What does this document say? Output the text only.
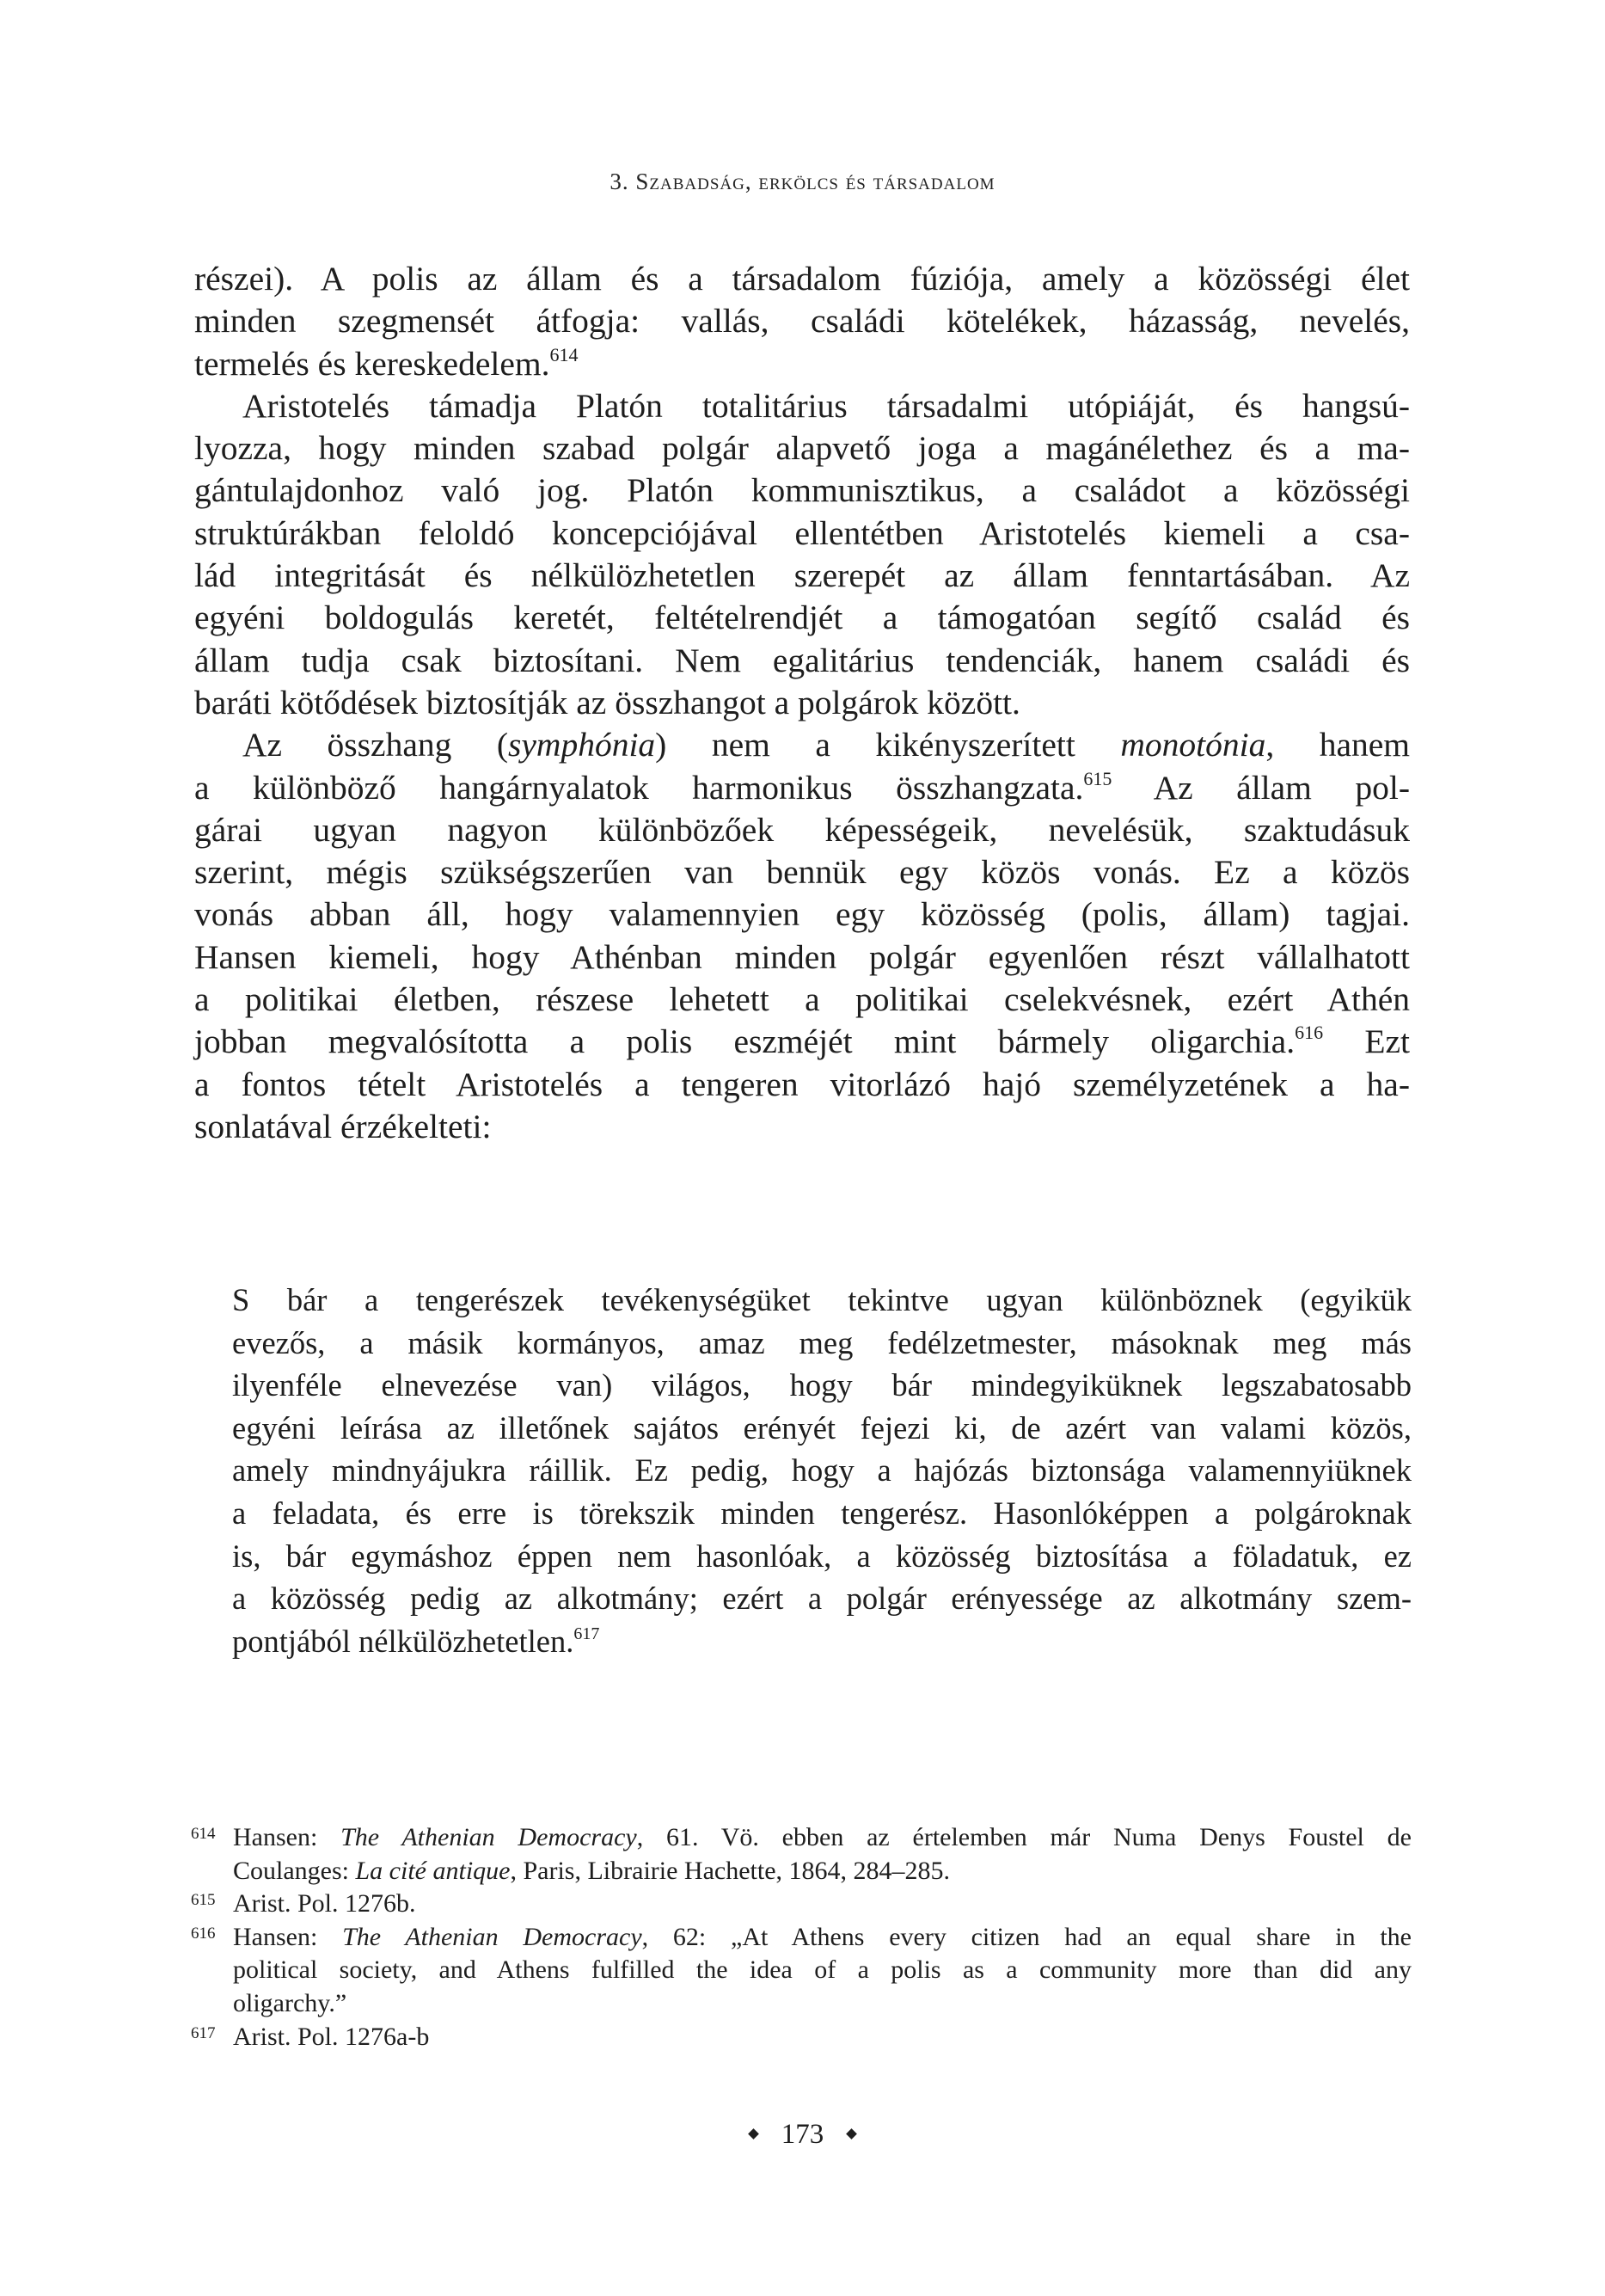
3. Szabadság, erkölcs és társadalom
részei). A polis az állam és a társadalom fúziója, amely a közösségi élet
minden szegmensét átfogja: vallás, családi kötelékek, házasság, nevelés,
termelés és kereskedelem.$^{614}$
Aristotelés támadja Platón totalitárius társadalmi utópiáját, és hangsú-
lyozza, hogy minden szabad polgár alapvető joga a magánélethez és a ma-
gántulajdonhoz való jog. Platón kommunisztikus, a családot a közösségi
struktúrákban feloldó koncepciójával ellentétben Aristotelés kiemeli a csa-
lád integritását és nélkülözhetetlen szerepét az állam fenntartásában. Az
egyéni boldogulás keretét, feltételrendjét a támogatóan segítő család és
állam tudja csak biztosítani. Nem egalitárius tendenciák, hanem családi és
baráti kötődések biztosítják az összhangot a polgárok között.
Az összhang (symphónia) nem a kikényszerített monotónia, hanem
a különböző hangárnyalatok harmonikus összhangzata.$^{615}$ Az állam pol-
gárai ugyan nagyon különbözőek képességeik, nevelésük, szaktudásuk
szerint, mégis szükségszerűen van bennük egy közös vonás. Ez a közös
vonás abban áll, hogy valamennyien egy közösség (polis, állam) tagjai.
Hansen kiemeli, hogy Athénban minden polgár egyenlően részt vállalhatott
a politikai életben, részese lehetett a politikai cselekvésnek, ezért Athén
jobban megvalósította a polis eszméjét mint bármely oligarchia.$^{616}$ Ezt
a fontos tételt Aristotelés a tengeren vitorlázó hajó személyzetének a ha-
sonlatával érzékelteti:
S bár a tengerészek tevékenységüket tekintve ugyan különböznek (egyikük
evezős, a másik kormányos, amaz meg fedélzetmester, másoknak meg más
ilyenféle elnevezése van) világos, hogy bár mindegyiküknek legszabatosabb
egyéni leírása az illetőnek sajátos erényét fejezi ki, de azért van valami közös,
amely mindnyájukra ráillik. Ez pedig, hogy a hajózás biztonsága valamennyiüknek
a feladata, és erre is törekszik minden tengerész. Hasonlóképpen a polgároknak
is, bár egymáshoz éppen nem hasonlóak, a közösség biztosítása a föladatuk, ez
a közösség pedig az alkotmány; ezért a polgár erényessége az alkotmány szem-
pontjából nélkülözhetetlen.$^{617}$
614 Hansen: The Athenian Democracy, 61. Vö. ebben az értelemben már Numa Denys Foustel de
Coulanges: La cité antique, Paris, Librairie Hachette, 1864, 284–285.
615 Arist. Pol. 1276b.
616 Hansen: The Athenian Democracy, 62: „At Athens every citizen had an equal share in the
political society, and Athens fulfilled the idea of a polis as a community more than did any
oligarchy.”
617 Arist. Pol. 1276a-b
173
